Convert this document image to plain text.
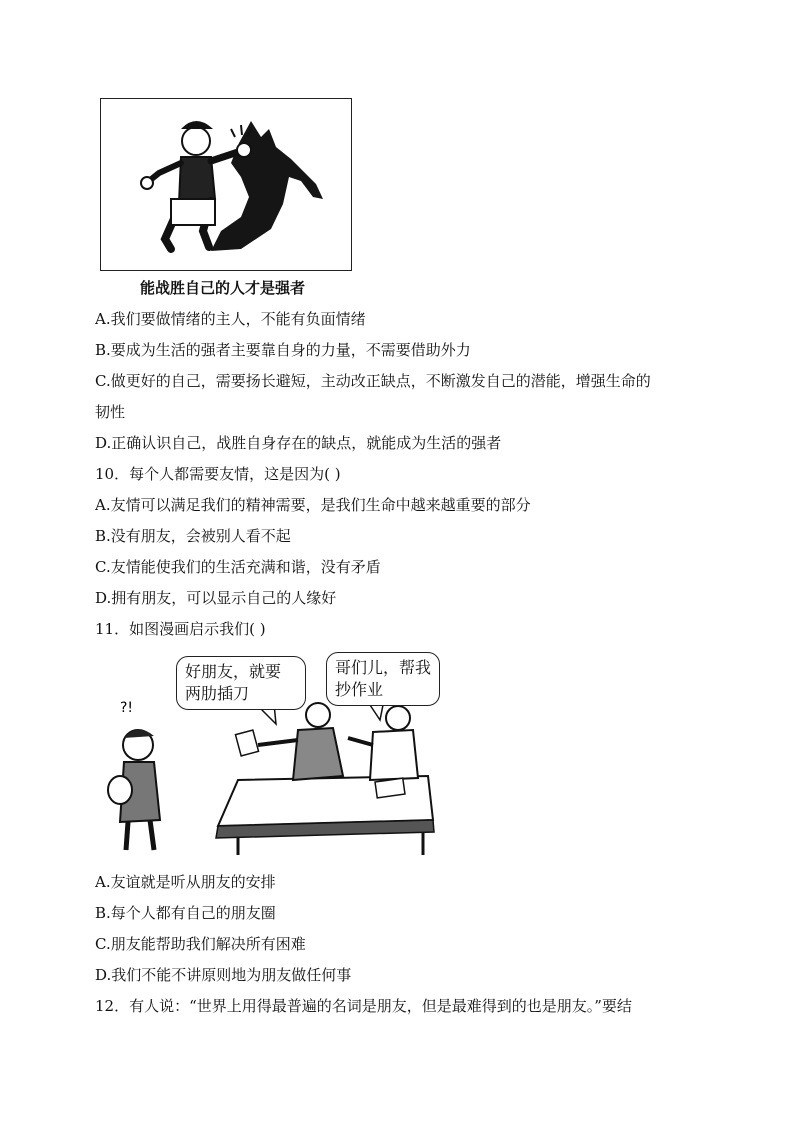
能战胜自己的人才是强者
A.我们要做情绪的主人，不能有负面情绪
B.要成为生活的强者主要靠自身的力量，不需要借助外力
C.做更好的自己，需要扬长避短，主动改正缺点，不断激发自己的潜能，增强生命的
韧性
D.正确认识自己，战胜自身存在的缺点，就能成为生活的强者
10．每个人都需要友情，这是因为( )
A.友情可以满足我们的精神需要，是我们生命中越来越重要的部分
B.没有朋友，会被别人看不起
C.友情能使我们的生活充满和谐，没有矛盾
D.拥有朋友，可以显示自己的人缘好
11．如图漫画启示我们( )
?!
好朋友，就要
两肋插刀
哥们儿，帮我
抄作业
A.友谊就是听从朋友的安排
B.每个人都有自己的朋友圈
C.朋友能帮助我们解决所有困难
D.我们不能不讲原则地为朋友做任何事
12．有人说：“世界上用得最普遍的名词是朋友，但是最难得到的也是朋友。”要结
